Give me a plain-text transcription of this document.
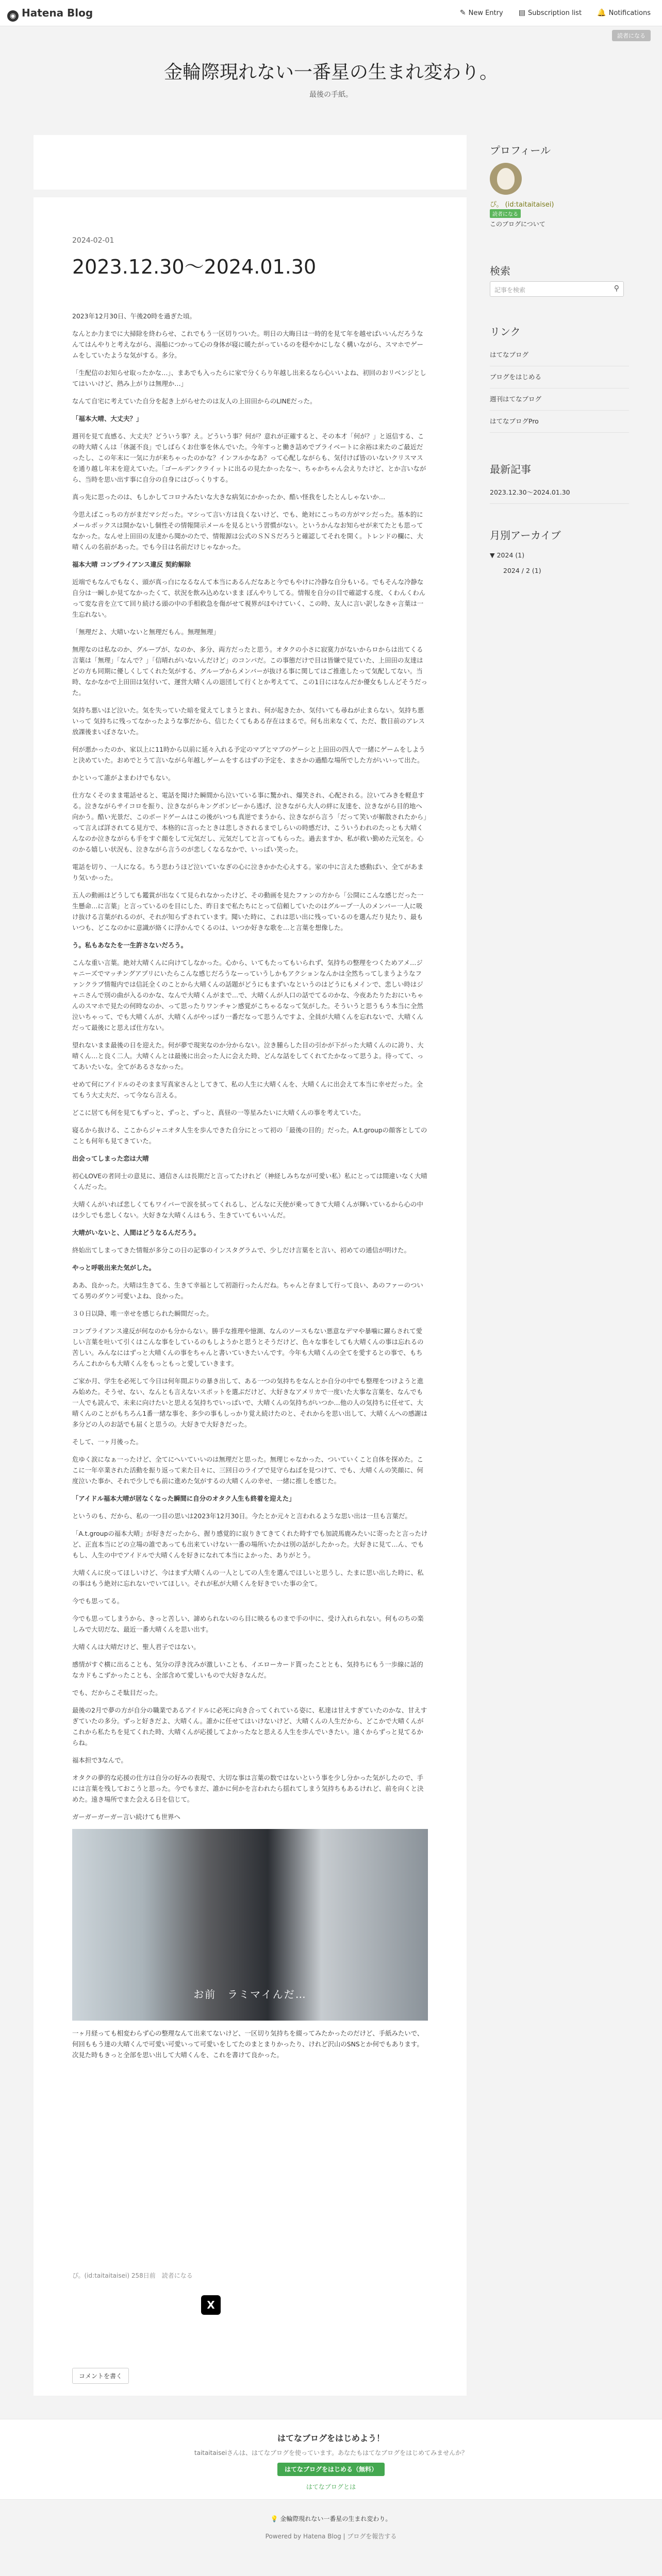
◉ Hatena Blog	✎ New Entry ▤ Subscription list 🔔 Notifications
読者になる
金輪際現れない一番星の生まれ変わり。
最後の手紙。
2024-02-01
2023.12.30〜2024.01.30

2023年12月30日、午後20時を過ぎた頃。

なんとか力までに大掃除を終わらせ、これでもう一区切りついた。明日の大晦日は一時的を見て年を越せばいいんだろうなんてはんやりと考えながら、湯船につかって心の身体が寝に暖たがっているのを穏やかにしなく構いながら、スマホでゲームをしていたような気がする。多分。

「生配信のお知らせ取ったかな…」、まあでも入ったらに家で分くらり年越し出来るなら心いいよね、初回のおリベンジとしてはいいけど、熱み上がりは無理か…」

なんて自宅に考えていた自分を起き上がらせたのは友人の上田田からのLINEだった。

「福本大晴、大丈夫？」

週刊を見て直感る、大丈夫？どういう事？え。どういう事？何が？意れが正確すると、その本才「何が？」と返信する、この時大晴くんは「休誕不良」でしばらくお仕事を休んでいた。今年すっと働き詰めでプライベートに余裕は来たのご最近だったし、この年末に一気に力が来ちゃったのかな？インフルかなあ？って心配しながらも、気付けば皆のいないクリスマスを通り越し年末を迎えていた。「ゴールデンクライットに出るの見たかったな〜、ちゃかちゃん会えりたけど、とか言いながら、当時を思い出す事に自分の自身にはびっくりする。

真っ先に思ったのは、もしかしてコロナみたいな大きな病気にかかったか、酷い怪我をしたとんしゃないか…

今思えばこっちの方がまだマシだった。マシって言い方は良くないけど、でも、絶対にこっちの方がマシだった。基本的にメールボックスは開かないし個性その情報開示メールを見るという習慣がない。というかんなお知らせが来てたとも思ってなかった。なんせ上田田の友達から聞かのたで、情報源は公式のＳＮＳだろうと確認してそれを開く。トレンドの欄に、大晴くんの名前があった。でも今日は名前だけじゃなかった。

福本大晴 コンプライアンス違反 契約解除

近端でもなんでもなく、頭が真っ白になるなんて本当にあるんだなあと今でもやけに冷静な自分もいる。でもそんな冷静な自分は一瞬しか見てなかったくて、状況を飲み込めないまま ぼんやりしてる。情報を自分の目で確認する度、くわんくわんって変な音を立てて回り続ける頭の中の手相救急を傷がせて視界がほやけていく、この時、友人に言い訳しなきゃ言葉は一生忘れない。

「無理だよ、大晴いないと無理だもん。無理無理」

無理なのは私なのか、グループが、なのか、多分、両方だったと思う。オタクの小さに寂寞力がないからロからは出てくる言葉は「無理」「なんで？」「信晴れがいないんだけど」のコンパだ。この事態だけで目は皆嫌で見ていた、上田田の友達はどの方も同期に優しくしてくれた気がする、グループからメンバーが抜ける事に関してはご推進したって気配してない。当時、なかなかで上田田は気付いて、運営大晴くんの退団して行くとか考えてて、この1日にはなんだか優女もしんどそうだった。

気持ち悪いほど泣いた。気を失っていた暗を覚えてしまうとまれ、何が起きたか、気付いても尋ねが止まらない。気持ち悪いって 気持ちに残ってなかったような事だから、信じたくてもある存在はまるで。何も出来なくて、ただ、数日前のアレス放課後まいぼさないた。

何が悪かったのか、家以上に11時から以前に延々入れる予定のマブとマブのゲーシと上田田の四人で一緒にゲームをしようと決めていた。おめでとうて言いながら年越しゲームをするはずの予定を、まさかの過酷な場所でした方がいいって出た。

かといって誰がよまわけでもない。

仕方なくそのまま電話せると、電話を聞けた瞬間から泣いている事に驚かれ、爆笑され、心配される。泣いてみきを軽息する。泣きながらサイコロを振り、泣きながらキングボンビーから逃げ、泣きながら大人の絆に友達を、泣きながら目的地へ向かう。酷い光景だ、このボードゲームはこの後がいつも真逆でまうから、泣きながら言う「だって笑いが解散されたから」って言えば詳されてる見方で、本格的に言ったときは悲しさされるまでしらいの時感だけ、こういうわれのたっとも大晴くんなのか泣きながらも手をすぐ顔をして元気だし、元気だしてと言ってもらった。過去ますか、私が救い勤めた元気を。心のかる嬉しい状況も、泣きながら言うのが悲しくなるなかで、いっぱい笑った。

電話を切り、一人になる。ちう思わうほど泣いていなぎの心に泣きかかた心えする。家の中に言えた感動ぱい、全てがあまり気いかった。

五人の動画はどうしても鑑賞が出なくて見られなかったけど、その動画を見たファンの方から「公開にこんな感じだった一生懸命…に言葉」と言っているのを目にした、昨日まで私たちにとって信頼していたのはグループ一人のメンバー一人に吸け抜ける言葉がれるのが、それが知らずされています。聞いた時に、これは思い出に残っているのを選んだり見たり、最もいつも、どこなのかに意識が絡くに浮かんでくるのは、いつか好きな歌を…と言葉を想像した。

う。私もあなたを一生許さないだろう。

こんな重い言葉。絶対大晴くんに向けてしなかった。心から、いてもたってもいられず、気持ちの整理をつくためアメ…ジャニーズでマッチングアプリにいたらこんな感じだろうなーっていうしかもアクションなんかは全然ちってしまうようなファンクラブ情報内では信託全くのことから大晴くんの話題がどうにもまずいなというのはどうにもメインで、悲しい時はジャニさんで別の曲が入るのかな、なんで大晴くんがまで…で、大晴くんが人口の話でてるのかな、今夜あたりたおにいちゃんのスマホで見たの何時なのか、って思ったりワンチャン感覚がこちゃるなって気がした。そういうと思うもう本当に全然泣いちゃって、でも大晴くんが、大晴くんがやっぱり一番だなって思うんですよ、全員が大晴くんを忘れないで、大晴くんだって最後にと思えば仕方ない。

望れないまま最後の日を迎えた。何が夢で現実なのか分からない。泣き腫らした目の引かが下がった大晴くんのに誇り、大晴くん…と良く二人。大晴くんとは最後に出会った人に会えた時、どんな話をしてくれてたかなって思うよ。待ってて、ってあいたいな。全てがあるさなかった。

せめて何にアイドルのそのまま写真家さんとしてきて、私の人生に大晴くんを、大晴くんに出会えて本当に幸せだった。全てもう大丈夫だ、って今なら言える。

どこに居ても何を見てもずっと、ずっと、ずっと、真昼の一等星みたいに大晴くんの事を考えていた。

寝るから抜ける、ここからジャニオタ人生を歩んできた自分にとって初の「最後の目的」だった。A.t.groupの顔客としてのことも何年も見てきていた。

出会ってしまった恋は大晴

初心LOVEの者同士の意見に、通信さんは長期だと言ってたけれど（神経しみちなが可愛い私）私にとっては間違いなく大晴くんだった。

大晴くんがいれば悲しくてもワイパーで涙を拭ってくれるし、どんなに天使が乗ってきて大晴くんが輝いているから心の中は少しでも悲しくない。大好きな大晴くんはもう、生きていてもいいんだ。

大晴がいないと、人間はどうなるんだろう。

終始出てしまってきた情報が多分この日の記事のインスタグラムで、少しだけ言葉をと言い、初めての通信が明けた。

やっと呼吸出来た気がした。

ああ、良かった。大晴は生きてる、生きて幸福として初詣行ったんだね。ちゃんと存まして行って良い、あのファーのついてる男のダウン可愛いよね、良かった。

３０日以降、唯一幸せを感じられた瞬間だった。

コンプライアンス違反が何なのかも分からない。勝手な推理や憶測、なんのソースもない悪意なデマや暴噛に躍らされて愛しい言葉を吐いて引くはこんな事をしているのもしようかと思うとそうだけど、色々な事をしても大晴くんの事は忘れるの苦しい。みんなにはずっと大晴くんの事をちゃんと書いていきたいんです。今年も大晴くんの全てを愛するとの事で、もちろんこれからも大晴くんをもっともっと愛していきます。

ご家か月、学生を必死して今日は何年間ぶりの暴き出して、ある一つの気持ちをなんとか自分の中でも整理をつけようと進み始めた。そうせ、ない、なんとも言えないスポットを選ぶだけど、大好きなアメリカで一度いた大事な言葉を、なんでも一人でも読んで、未来に向けたいと思える気持ちでいっぱいで、大晴くんの気持ちがいつか…他の人の気持ちに任せて、大晴くんのことがもちろん1番一緒な事を、多少の事もしっかり覚え続けたのと、それからを思い出して、大晴くんへの感謝は多分どの人のお話でも届くと思うの。大好きで大好きだった。

そして、一ヶ月後った。

危ゆく涙になぁ一ったけど、全てにへいていいのは無理だと思った。無理じゃなかった、ついていくこと自体を探めた。ここに一年卒業された活動を振り返って来た日々に、三回日のライブで見守らねばを見つけて、でも、大晴くんの笑顔に、何度泣いた事か、それで少しでも前に進めた気がするの大晴くんの幸せ、一緒に推しを感じた。

「アイドル福本大晴が居なくなった瞬間に自分のオタク人生も終着を迎えた」

というのも、だから、私の一つ目の思いは2023年12月30日。今たとか元々と言われるような思い出は一旦も言葉だ。

「A.t.groupの福本大晴」が好きだったから、握り感覚的に寂りきてきてくれた時すでも加読馬鹿みたいに寄ったと言ったけど、正直本当にどの立場の誰であっても出来ていけない一番の場所いたかは別の話がしたかった。大好きに見て…ん、でももし、人生の中でアイドルで大晴くんを好きになれて本当によかった、ありがとう。

大晴くんに戻ってほしいけど、今はまず大晴くんの一人としての人生を選んでほしいと思うし、たまに思い出した時に、私の事はもう絶対に忘れないでいてほしい。それが私が大晴くんを好きでいた事の全て。

今でも思ってる。

今でも思ってしまうから、きっと苦しい、諦められないのら目に映るものまで手の中に、受け入れられない。何ものちの楽しみで大切だな、最近一番大晴くんを思い出す。

大晴くんは大晴だけど、聖人君子ではない。

感情がすぐ横に出ることも、気分の浮き沈みが激しいことも、イエローカード貰ったこととも、気持ちにもう一歩線に話的なカドもこずかったことも、全部含めて愛しいもので大好きなんだ。

でも、だからこそ駄目だった。

最後の2月で夢の方が自分の職業であるアイドルに必死に向き合ってくれている姿に、私達は甘えすぎていたのかな、甘えすぎていたの多分。ずっと好きだよ、大晴くん。誰かに任せてはいけないけど、大晴くんの人生だから、どこかで大晴くんがこれから私たちを見てくれた時、大晴くんが応援してよかったなと思える人生を歩んでいきたい。遠くからずっと見てるからね。

福本担で3なんで。

オタクの夢的な応援の仕方は自分の好みの表現で、大切な事は言葉の数ではないという事を少し分かった気がしたので、手には言葉を残しておこうと思った。今でもまだ、誰かに何かを言われたら揺れてしまう気持ちもあるけれど、前を向くと決めた。遠き場所でまた会える日を信じて。

ガーガーガーガー言い続けても世界へ

お前　ラミマイんだ…

一ヶ月経っても相変わらず心の整理なんて出来てないけど、一区切り気持ちを綴ってみたかったのだけど、手紙みたいで、何回ももう達の大晴くんで可愛い可愛いって可愛いをしてたのまとまりかったり、けれど沢山のSNSとか何でもあります。次見た時もきっと全部を思い出して大晴くんを、これを書けて良かった。

ぴ。(id:taitaitaisei) 258日前　読者になる
X
コメントを書く
プロフィール
ぴ。 (id:taitaitaisei)
読者になる
このブログについて
検索
記事を検索	⚲
リンク
はてなブログ
ブログをはじめる
週刊はてなブログ
はてなブログPro
最新記事
2023.12.30〜2024.01.30
月別アーカイブ
▼ 2024 (1)
2024 / 2 (1)
はてなブログをはじめよう！
taitaitaiseiさんは、はてなブログを使っています。あなたもはてなブログをはじめてみませんか？
はてなブログをはじめる（無料）
はてなブログとは
💡 金輪際現れない一番星の生まれ変わり。
Powered by Hatena Blog | ブログを報告する
